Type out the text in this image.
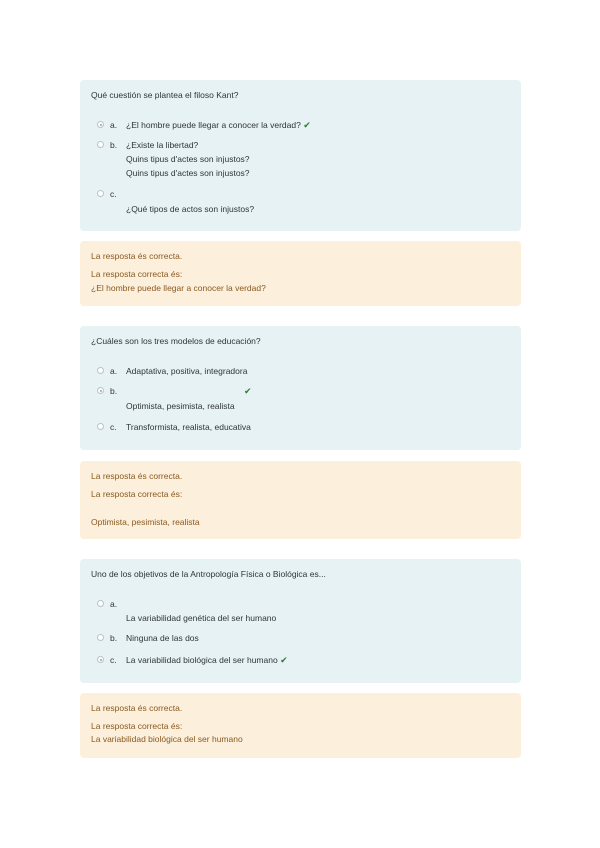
Qué cuestión se plantea el filoso Kant?
a. ¿El hombre puede llegar a conocer la verdad? ✔
b. ¿Existe la libertad?
Quins tipus d'actes son injustos?
Quins tipus d'actes son injustos?
c.
¿Qué tipos de actos son injustos?
La resposta és correcta.
La resposta correcta és:
¿El hombre puede llegar a conocer la verdad?
¿Cuáles son los tres modelos de educación?
a. Adaptativa, positiva, integradora
b.	✔
Optimista, pesimista, realista
c. Transformista, realista, educativa
La resposta és correcta.
La resposta correcta és:
Optimista, pesimista, realista
Uno de los objetivos de la Antropología Física o Biológica es...
a.
La variabilidad genética del ser humano
b. Ninguna de las dos
c. La variabilidad biológica del ser humano ✔
La resposta és correcta.
La resposta correcta és:
La variabilidad biológica del ser humano
